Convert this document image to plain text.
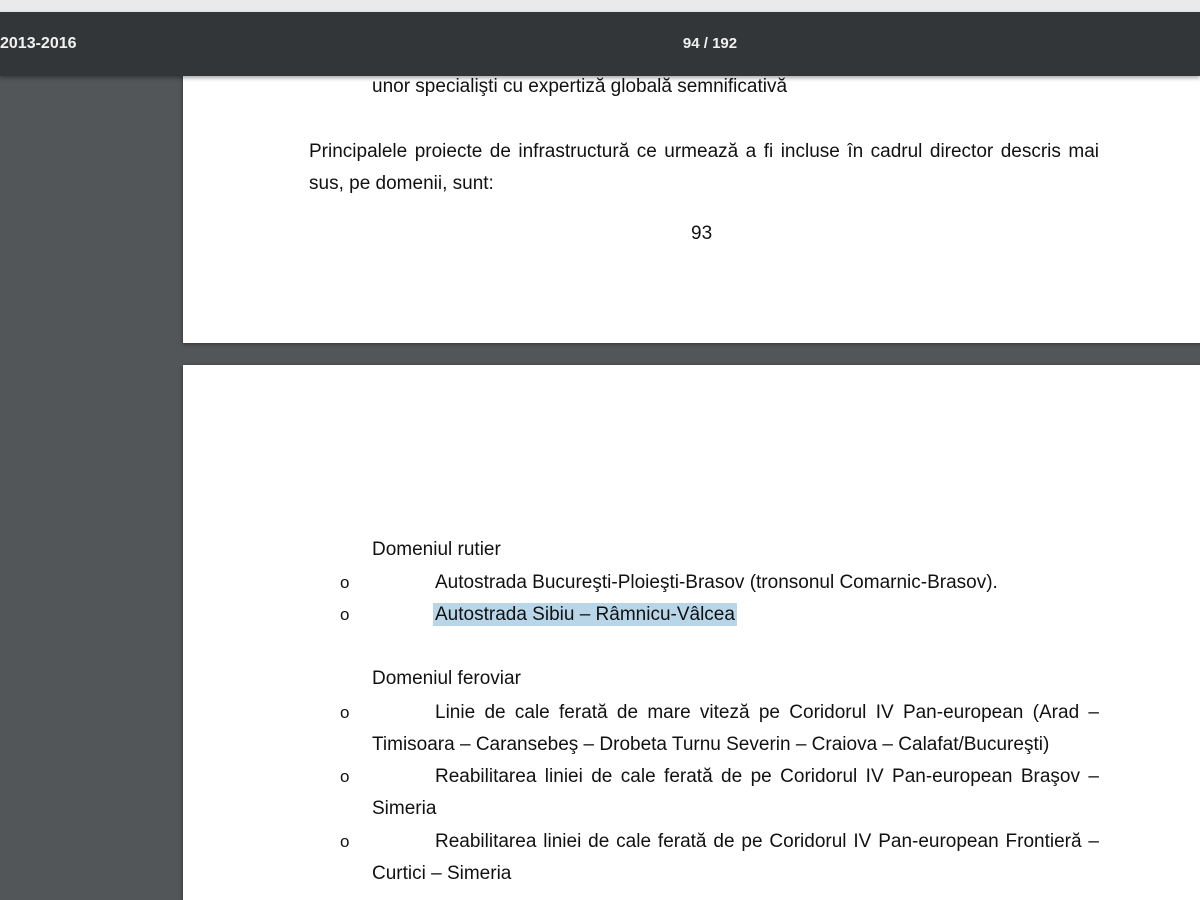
2013-2016	94 / 192
unor specialişti cu expertiză globală semnificativă
Principalele proiecte de infrastructură ce urmează a fi incluse în cadrul director descris mai
sus, pe domenii, sunt:
93
Domeniul rutier
o	Autostrada Bucureşti-Ploieşti-Brasov (tronsonul Comarnic-Brasov).
o	Autostrada Sibiu – Râmnicu-Vâlcea
Domeniul feroviar
o	Linie de cale ferată de mare viteză pe Coridorul IV Pan-european (Arad –
Timisoara – Caransebeş – Drobeta Turnu Severin – Craiova – Calafat/Bucureşti)
o	Reabilitarea liniei de cale ferată de pe Coridorul IV Pan-european Braşov –
Simeria
o	Reabilitarea liniei de cale ferată de pe Coridorul IV Pan-european Frontieră –
Curtici – Simeria
